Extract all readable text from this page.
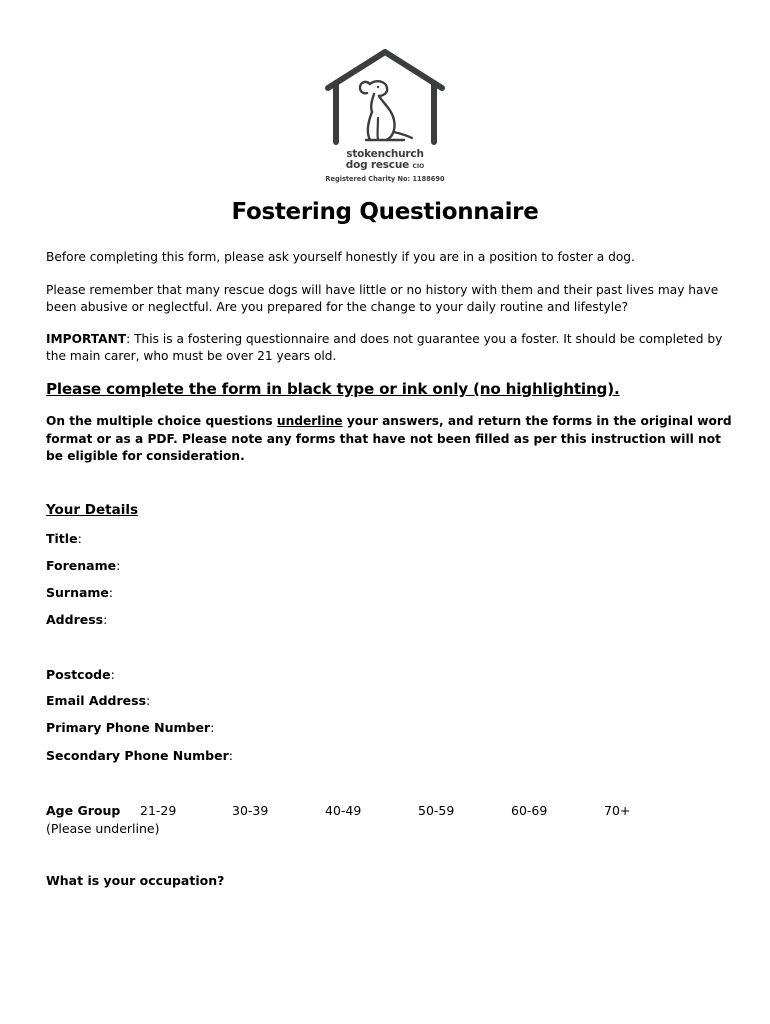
stokenchurch
dog rescue CIO
Registered Charity No: 1188690
Fostering Questionnaire

Before completing this form, please ask yourself honestly if you are in a position to foster a dog.

Please remember that many rescue dogs will have little or no history with them and their past lives may have been abusive or neglectful. Are you prepared for the change to your daily routine and lifestyle?

IMPORTANT: This is a fostering questionnaire and does not guarantee you a foster. It should be completed by the main carer, who must be over 21 years old.

Please complete the form in black type or ink only (no highlighting).

On the multiple choice questions underline your answers, and return the forms in the original word format or as a PDF. Please note any forms that have not been filled as per this instruction will not be eligible for consideration.

Your Details

Title:

Forename:

Surname:

Address:

Postcode:

Email Address:

Primary Phone Number:

Secondary Phone Number:

Age Group 21-29	30-39	40-49	50-59	60-69	70+
(Please underline)
What is your occupation?
